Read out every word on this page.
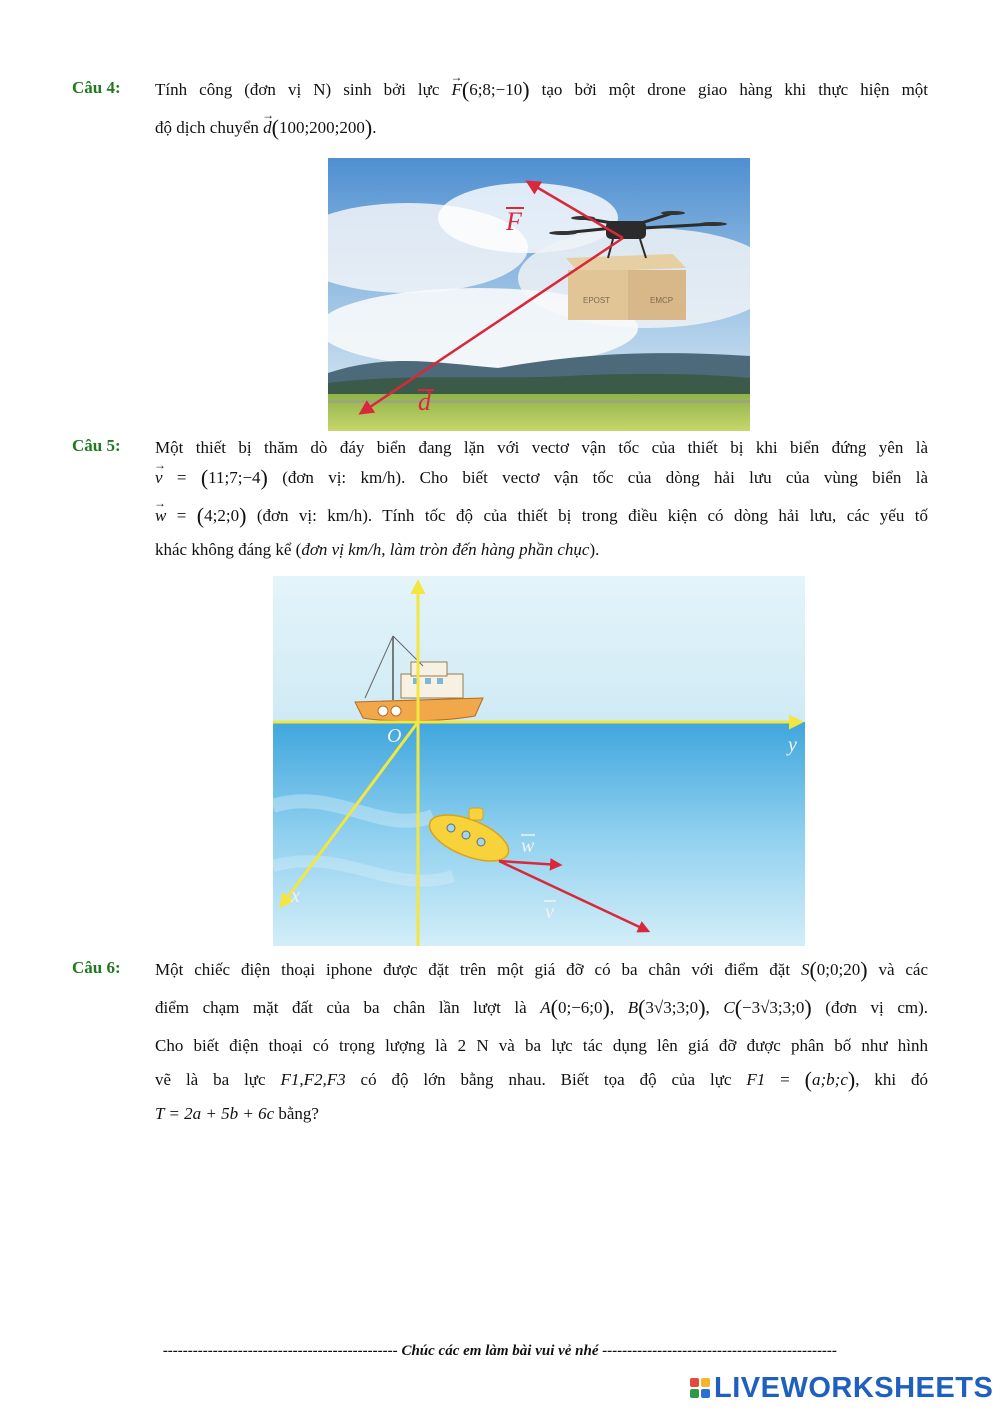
Câu 4: Tính công (đơn vị N) sinh bởi lực → F(6;8;−10) tạo bởi một drone giao hàng khi thực hiện một
độ dịch chuyển → d(100;200;200).
EPOST	EMCP
F
d
Câu 5: Một thiết bị thăm dò đáy biển đang lặn với vectơ vận tốc của thiết bị khi biển đứng yên là
→ v = (11;7;−4) (đơn vị: km/h). Cho biết vectơ vận tốc của dòng hải lưu của vùng biển là
→ w = (4;2;0) (đơn vị: km/h). Tính tốc độ của thiết bị trong điều kiện có dòng hải lưu, các yếu tố
khác không đáng kể (đơn vị km/h, làm tròn đến hàng phần chục).
O	y
x
w
v
Câu 6: Một chiếc điện thoại iphone được đặt trên một giá đỡ có ba chân với điểm đặt S(0;0;20) và các
điểm chạm mặt đất của ba chân lần lượt là A(0;−6;0), B(3√3;3;0), C(−3√3;3;0) (đơn vị cm).
Cho biết điện thoại có trọng lượng là 2 N và ba lực tác dụng lên giá đỡ được phân bố như hình
vẽ là ba lực F1,F2,F3 có độ lớn bằng nhau. Biết tọa độ của lực F1 = (a;b;c), khi đó
T = 2a + 5b + 6c bằng?
----------------------------------------------- Chúc các em làm bài vui vẻ nhé -----------------------------------------------
LIVEWORKSHEETS
